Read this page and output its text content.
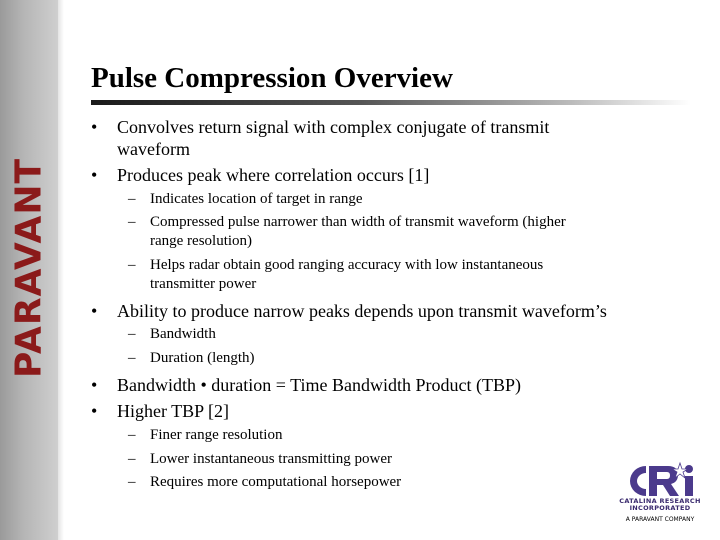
PARAVANT
Pulse Compression Overview
• Convolves return signal with complex conjugate of transmit
waveform
• Produces peak where correlation occurs [1]
– Indicates location of target in range
– Compressed pulse narrower than width of transmit waveform (higher
range resolution)
– Helps radar obtain good ranging accuracy with low instantaneous
transmitter power
• Ability to produce narrow peaks depends upon transmit waveform’s
– Bandwidth
– Duration (length)
• Bandwidth • duration = Time Bandwidth Product (TBP)
• Higher TBP [2]
– Finer range resolution
– Lower instantaneous transmitting power
– Requires more computational horsepower
CATALINA RESEARCH
INCORPORATED
A PARAVANT COMPANY
